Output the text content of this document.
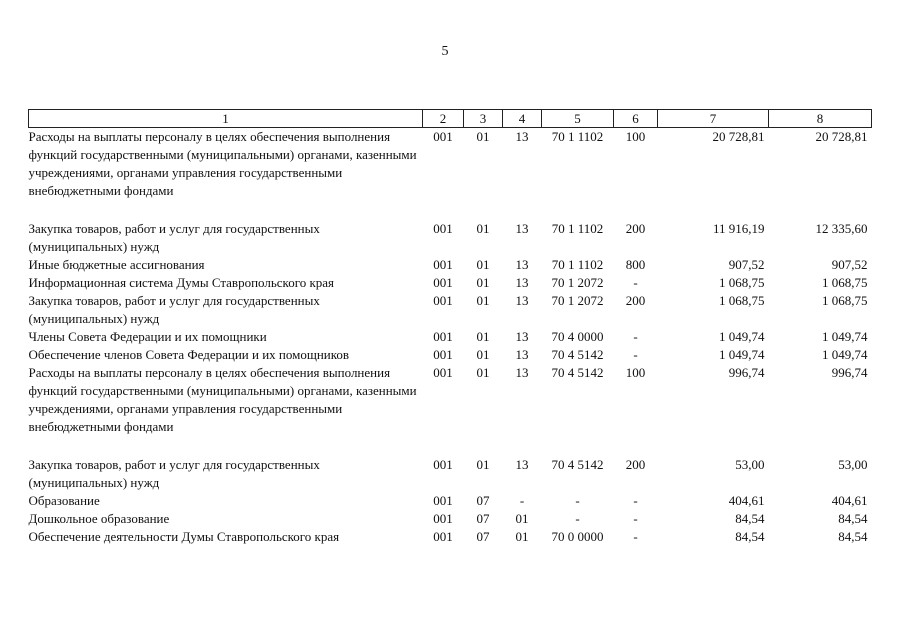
5
1	2	3	4	5	6	7	8
Расходы на выплаты персоналу в целях обеспечения выполнения функций государственными (муниципальными) органами, казенными учреждениями, органами управления государственными внебюджетными фондами	001	01	13	70 1 1102	100	20 728,81	20 728,81
Закупка товаров, работ и услуг для государственных (муниципальных) нужд	001	01	13	70 1 1102	200	11 916,19	12 335,60
Иные бюджетные ассигнования	001	01	13	70 1 1102	800	907,52	907,52
Информационная система Думы Ставропольского края	001	01	13	70 1 2072	-	1 068,75	1 068,75
Закупка товаров, работ и услуг для государственных (муниципальных) нужд	001	01	13	70 1 2072	200	1 068,75	1 068,75
Члены Совета Федерации и их помощники	001	01	13	70 4 0000	-	1 049,74	1 049,74
Обеспечение членов Совета Федерации и их помощников	001	01	13	70 4 5142	-	1 049,74	1 049,74
Расходы на выплаты персоналу в целях обеспечения выполнения функций государственными (муниципальными) органами, казенными учреждениями, органами управления государственными внебюджетными фондами	001	01	13	70 4 5142	100	996,74	996,74
Закупка товаров, работ и услуг для государственных (муниципальных) нужд	001	01	13	70 4 5142	200	53,00	53,00
Образование	001	07	-	-	-	404,61	404,61
Дошкольное образование	001	07	01	-	-	84,54	84,54
Обеспечение деятельности Думы Ставропольского края	001	07	01	70 0 0000	-	84,54	84,54
